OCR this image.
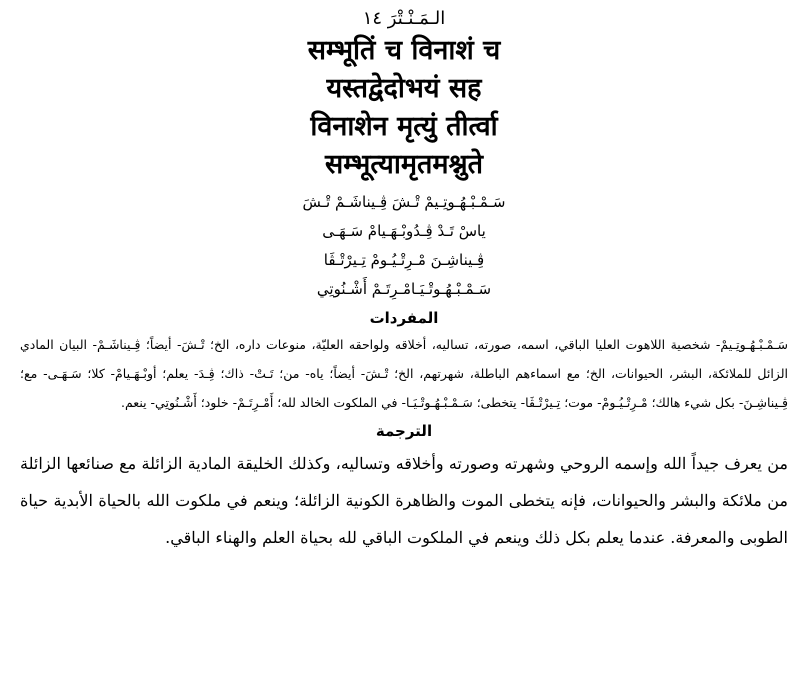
الـمَـنْـتْرَ ١٤
सम्भूतिं च विनाशं च
यस्तद्वेदोभयं सह
विनाशेन मृत्युं तीर्त्वा
सम्भूत्यामृतमश्नुते
سَـمْـبْـهُـوتِـيمْ تْـشَ ڤِـيناشَـمْ تْـشَ
ياسْ تَـدْ ڤِـدُوبْـهَـيامْ سَـهَـى
ڤِـيناشِـنَ مْـرِتْـيُـومْ تِـيرْتْـڤَا
سَـمْـبْـهُـوتْـيَـامْـرِتَـمْ أَشْـنُوتِي
المفردات
سَـمْـبْـهُـوتِـيمْ- شخصية اللاهوت العليا الباقي، اسمه، صورته، تساليه، أخلاقه ولواحقه العليّة، منوعات داره، الخ؛ تْـشَ- أيضاً؛ ڤِـيناشَـمْ- البيان المادي الزائل للملائكة، البشر، الحيوانات، الخ؛ مع اسماءهم الباطلة، شهرتهم، الخ؛ تْـشَ- أيضاً؛ ياه- من؛ تَـتْ- ذاك؛ ڤِـدَ- يعلم؛ أوبْـهَـيامْ- كلا؛ سَـهَـى- مع؛ ڤِـيناشِـنَ- بكل شيء هالك؛ مْـرِتْـيُـومْ- موت؛ تِـيرْتْـڤَا- يتخطى؛ سَـمْـبْـهُـوتْـيَـا- في الملكوت الخالد لله؛ أَمْـرِتَـمْ- خلود؛ أَشْـنُوتِي- ينعم.
الترجمة
من يعرف جيداً الله وإسمه الروحي وشهرته وصورته وأخلاقه وتساليه، وكذلك الخليقة المادية الزائلة مع صنائعها الزائلة من ملائكة والبشر والحيوانات، فإنه يتخطى الموت والظاهرة الكونية الزائلة؛ وينعم في ملكوت الله بالحياة الأبدية حياة الطوبى والمعرفة. عندما يعلم بكل ذلك وينعم في الملكوت الباقي لله بحياة العلم والهناء الباقي.
